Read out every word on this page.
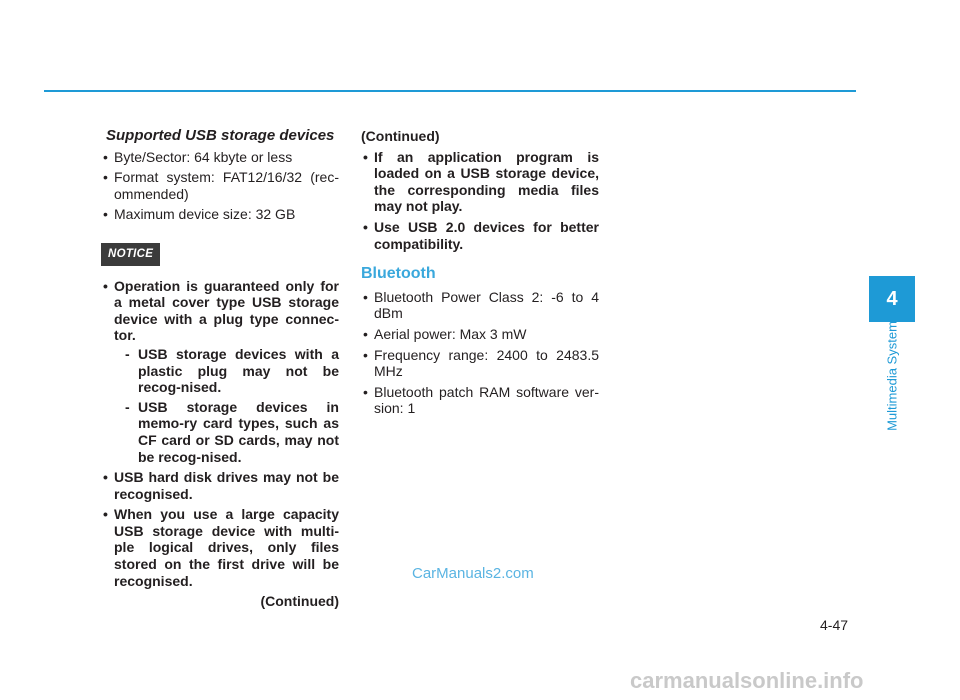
Supported USB storage devices
• Byte/Sector: 64 kbyte or less
• Format system: FAT12/16/32 (rec-ommended)
• Maximum device size: 32 GB
NOTICE
• Operation is guaranteed only for a metal cover type USB storage device with a plug type connec-tor.
- USB storage devices with a plastic plug may not be recog-nised.
- USB storage devices in memo-ry card types, such as CF card or SD cards, may not be recog-nised.
• USB hard disk drives may not be recognised.
• When you use a large capacity USB storage device with multi-ple logical drives, only files stored on the first drive will be recognised.
(Continued)
(Continued)
• If an application program is loaded on a USB storage device, the corresponding media files may not play.
• Use USB 2.0 devices for better compatibility.
Bluetooth
• Bluetooth Power Class 2: -6 to 4 dBm
• Aerial power: Max 3 mW
• Frequency range: 2400 to 2483.5 MHz
• Bluetooth patch RAM software ver-sion: 1
4
Multimedia System
CarManuals2.com
4-47
carmanualsonline.info
